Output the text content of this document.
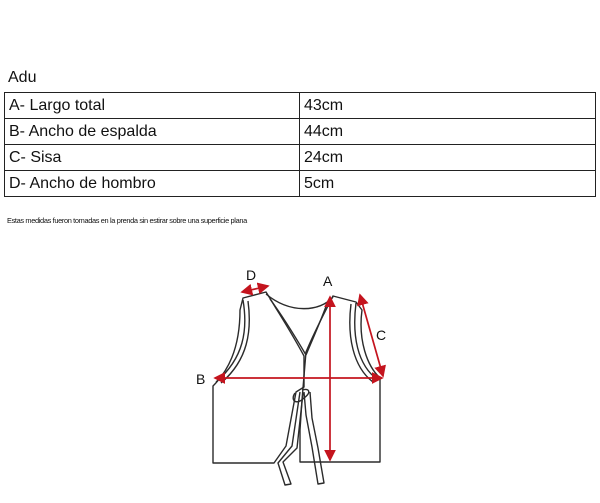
Adu
A- Largo total	43cm
B- Ancho de espalda	44cm
C- Sisa	24cm
D- Ancho de hombro	5cm
Estas medidas fueron tomadas en la prenda sin estirar sobre una superficie plana
A
B
C
D
